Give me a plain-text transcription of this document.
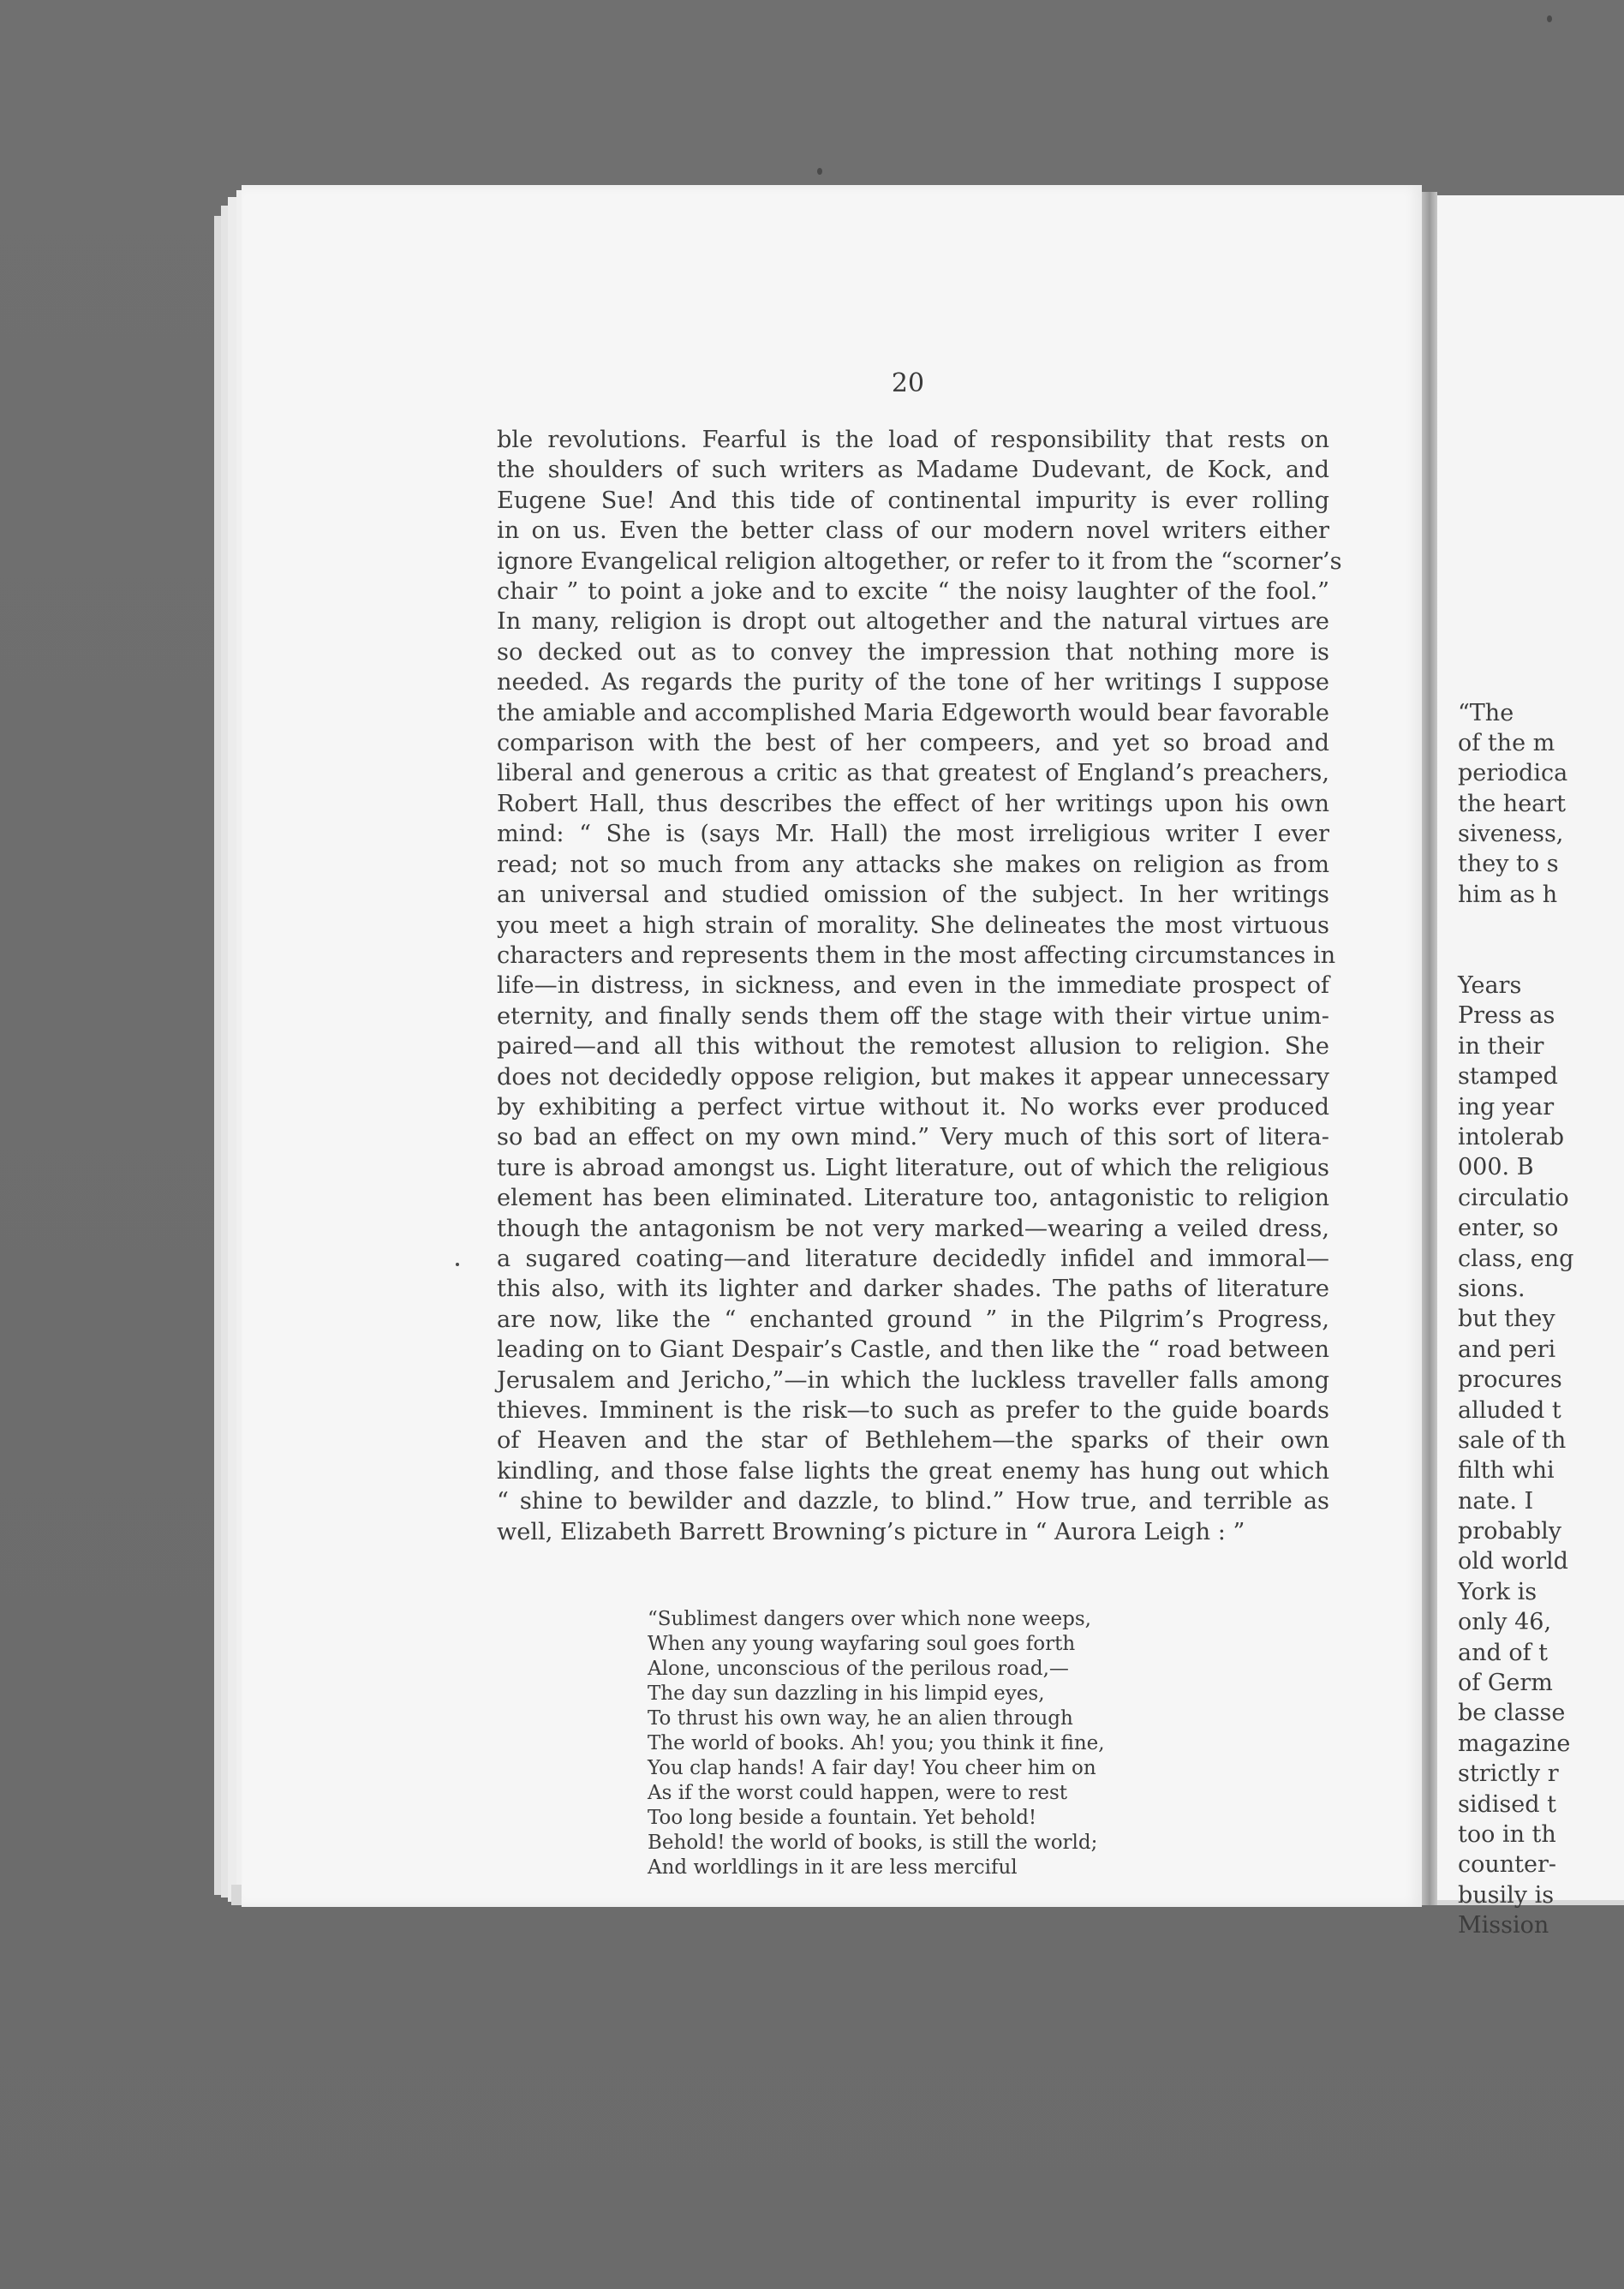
20
ble revolutions. Fearful is the load of responsibility that rests on
the shoulders of such writers as Madame Dudevant, de Kock, and
Eugene Sue! And this tide of continental impurity is ever rolling
in on us. Even the better class of our modern novel writers either
ignore Evangelical religion altogether, or refer to it from the “scorner’s
chair ” to point a joke and to excite “ the noisy laughter of the fool.”
In many, religion is dropt out altogether and the natural virtues are
so decked out as to convey the impression that nothing more is
needed. As regards the purity of the tone of her writings I suppose
the amiable and accomplished Maria Edgeworth would bear favorable
comparison with the best of her compeers, and yet so broad and
liberal and generous a critic as that greatest of England’s preachers,
Robert Hall, thus describes the effect of her writings upon his own
mind: “ She is (says Mr. Hall) the most irreligious writer I ever
read; not so much from any attacks she makes on religion as from
an universal and studied omission of the subject. In her writings
you meet a high strain of morality. She delineates the most virtuous
characters and represents them in the most affecting circumstances in
life—in distress, in sickness, and even in the immediate prospect of
eternity, and finally sends them off the stage with their virtue unim-
paired—and all this without the remotest allusion to religion. She
does not decidedly oppose religion, but makes it appear unnecessary
by exhibiting a perfect virtue without it. No works ever produced
so bad an effect on my own mind.” Very much of this sort of litera-
ture is abroad amongst us. Light literature, out of which the religious
element has been eliminated. Literature too, antagonistic to religion
though the antagonism be not very marked—wearing a veiled dress,
a sugared coating—and literature decidedly infidel and immoral—
this also, with its lighter and darker shades. The paths of literature
are now, like the “ enchanted ground ” in the Pilgrim’s Progress,
leading on to Giant Despair’s Castle, and then like the “ road between
Jerusalem and Jericho,”—in which the luckless traveller falls among
thieves. Imminent is the risk—to such as prefer to the guide boards
of Heaven and the star of Bethlehem—the sparks of their own
kindling, and those false lights the great enemy has hung out which
“ shine to bewilder and dazzle, to blind.” How true, and terrible as
well, Elizabeth Barrett Browning’s picture in “ Aurora Leigh : ”
“Sublimest dangers over which none weeps,
When any young wayfaring soul goes forth
Alone, unconscious of the perilous road,—
The day sun dazzling in his limpid eyes,
To thrust his own way, he an alien through
The world of books. Ah! you; you think it fine,
You clap hands! A fair day! You cheer him on
As if the worst could happen, were to rest
Too long beside a fountain. Yet behold!
Behold! the world of books, is still the world;
And worldlings in it are less merciful
“The
of the m
periodica
the heart
siveness,
they to s
him as h
Years
Press as
in their
stamped
ing year
intolerab
000. B
circulatio
enter, so
class, eng
sions.
but they
and peri
procures
alluded t
sale of th
filth whi
nate. I
probably
old world
York is
only 46,
and of t
of Germ
be classe
magazine
strictly r
sidised t
too in th
counter-
busily is
Mission
